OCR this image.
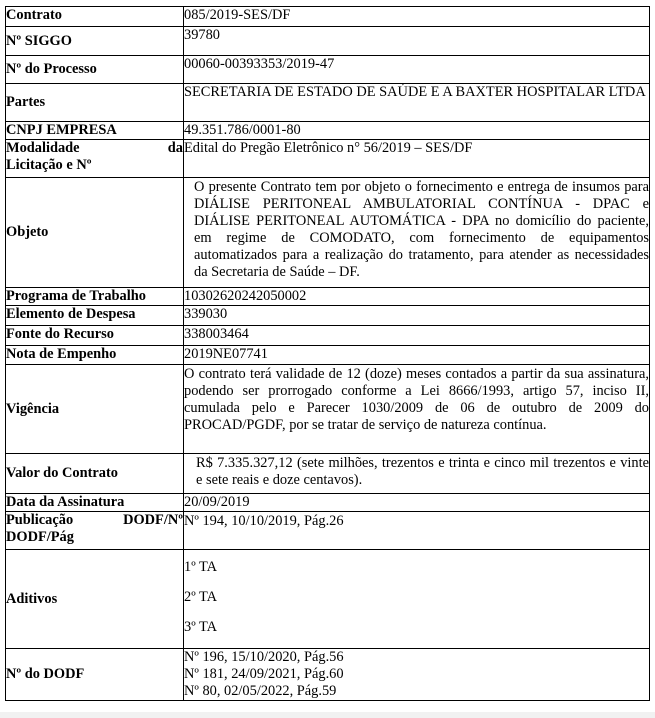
Contrato	085/2019-SES/DF
Nº SIGGO	39780
Nº do Processo	00060-00393353/2019-47
Partes	SECRETARIA DE ESTADO DE SAÚDE E A BAXTER HOSPITALAR LTDA
CNPJ EMPRESA	49.351.786/0001-80

Modalidade da
Licitação e Nº	Edital do Pregão Eletrônico n° 56/2019 – SES/DF
Objeto	O presente Contrato tem por objeto o fornecimento e entrega de insumos para DIÁLISE PERITONEAL AMBULATORIAL CONTÍNUA - DPAC e DIÁLISE PERITONEAL AUTOMÁTICA - DPA no domicílio do paciente, em regime de COMODATO, com fornecimento de equipamentos automatizados para a realização do tratamento, para atender as necessidades da Secretaria de Saúde – DF.
Programa de Trabalho	10302620242050002
Elemento de Despesa	339030
Fonte do Recurso	338003464
Nota de Empenho	2019NE07741
Vigência	O contrato terá validade de 12 (doze) meses contados a partir da sua assinatura, podendo ser prorrogado conforme a Lei 8666/1993, artigo 57, inciso II, cumulada pelo e Parecer 1030/2009 de 06 de outubro de 2009 do PROCAD/PGDF, por se tratar de serviço de natureza contínua.
Valor do Contrato	R$ 7.335.327,12 (sete milhões, trezentos e trinta e cinco mil trezentos e vinte e sete reais e doze centavos).
Data da Assinatura	20/09/2019

Publicação DODF/Nº
DODF/Pág	Nº 194, 10/10/2019, Pág.26
Aditivos	1º TA
2º TA
3º TA

Nº do DODF	Nº 196, 15/10/2020, Pág.56
Nº 181, 24/09/2021, Pág.60
Nº 80, 02/05/2022, Pág.59
